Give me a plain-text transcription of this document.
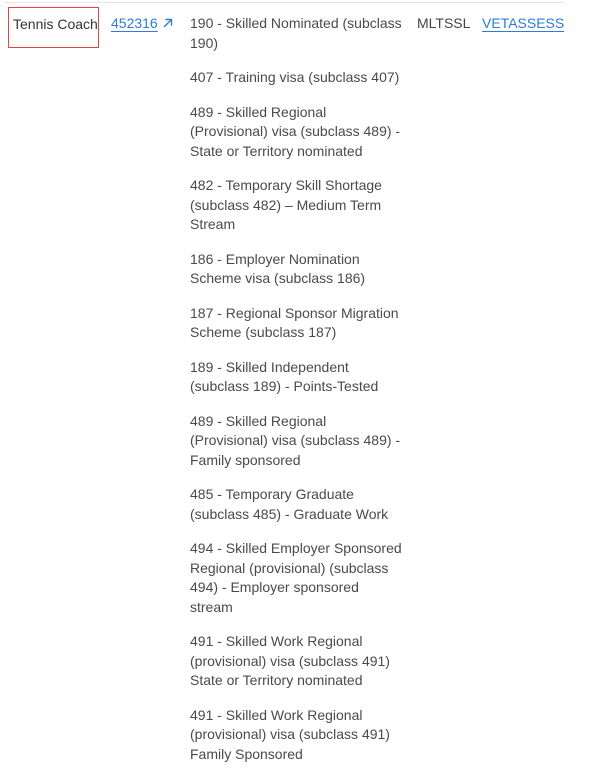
Tennis Coach 452316	190 - Skilled Nominated (subclass 190)
407 - Training visa (subclass 407)
489 - Skilled Regional (Provisional) visa (subclass 489) - State or Territory nominated
482 - Temporary Skill Shortage (subclass 482) – Medium Term Stream
186 - Employer Nomination Scheme visa (subclass 186)
187 - Regional Sponsor Migration Scheme (subclass 187)
189 - Skilled Independent (subclass 189) - Points-Tested
489 - Skilled Regional (Provisional) visa (subclass 489) - Family sponsored
485 - Temporary Graduate (subclass 485) - Graduate Work
494 - Skilled Employer Sponsored Regional (provisional) (subclass 494) - Employer sponsored stream
491 - Skilled Work Regional (provisional) visa (subclass 491) State or Territory nominated
491 - Skilled Work Regional (provisional) visa (subclass 491) Family Sponsored
MLTSSL VETASSESS
